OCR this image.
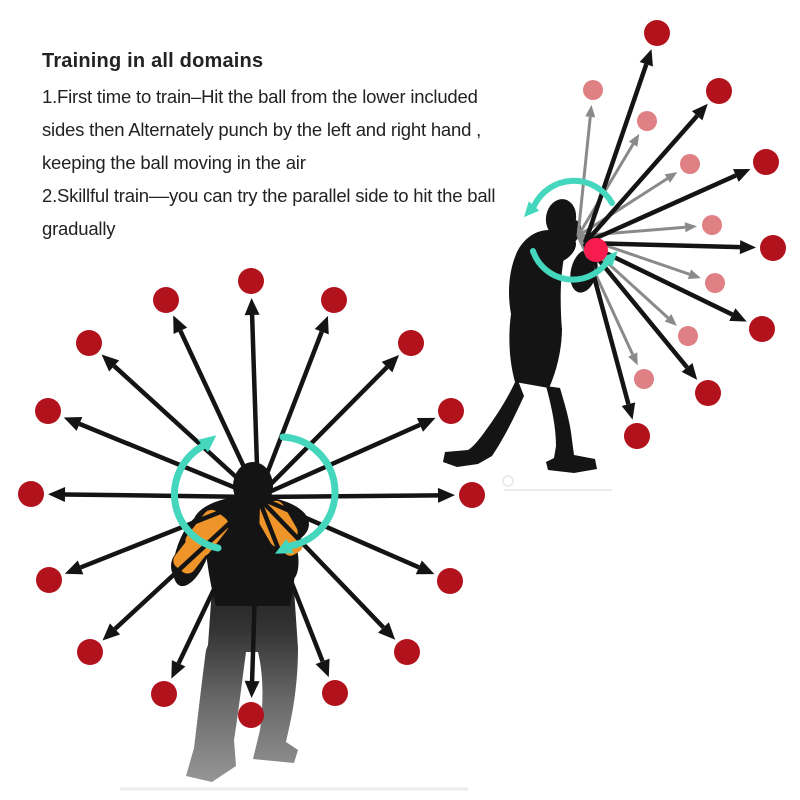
Training in all domains
1.First time to train–Hit the ball from the lower included
sides then Alternately punch by the left and right hand ,
keeping the ball moving in the air
2.Skillful train––you can try the parallel side to hit the ball
gradually
